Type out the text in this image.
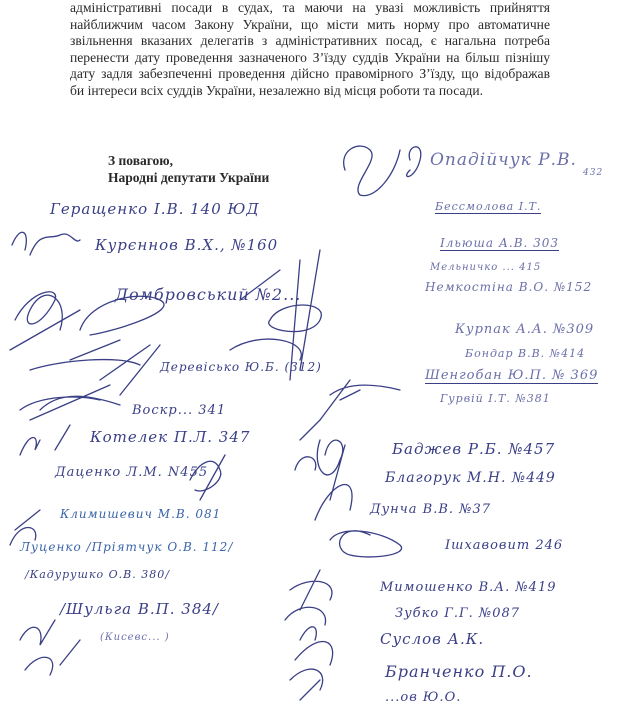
адміністративні посади в судах, та маючи на увазі можливість прийняття
найближчим часом Закону України, що місти мить норму про автоматичне
звільнення вказаних делегатів з адміністративних посад, є нагальна потреба
перенести дату проведення зазначеного З’їзду суддів України на більш пізнішу
дату задля забезпеченні проведення дійсно правомірного З’їзду, що відображав
би інтереси всіх суддів України, незалежно від місця роботи та посади.
З повагою,
Народні депутати України
Опадійчук Р.В.
432
Бессмолова І.Т.
Геращенко І.В. 140 ЮД
Курєннов В.Х., №160	Ільюша А.В. 303
Мельничко ... 415
Немкостіна В.О. №152
Домбровський №2...
Курпак А.А. №309
Бондар В.В. №414
Шенгобан Ю.П. № 369
Гурвій І.Т. №381
Деревісько Ю.Б. (312)
Воскр... 341
Котелек П.Л. 347
Баджев Р.Б. №457
Благорук М.Н. №449
Дунча В.В. №37
Даценко Л.М. N455
Климишевич М.В. 081
Ішхавовит 246
Луценко /Пріятчук О.В. 112/
/Кадурушко О.В. 380/
Мимошенко В.А. №419
Зубко Г.Г. №087
Суслов А.К.
/Шульга В.П. 384/
(Кисевс... )
Бранченко П.О.
...ов Ю.О.
